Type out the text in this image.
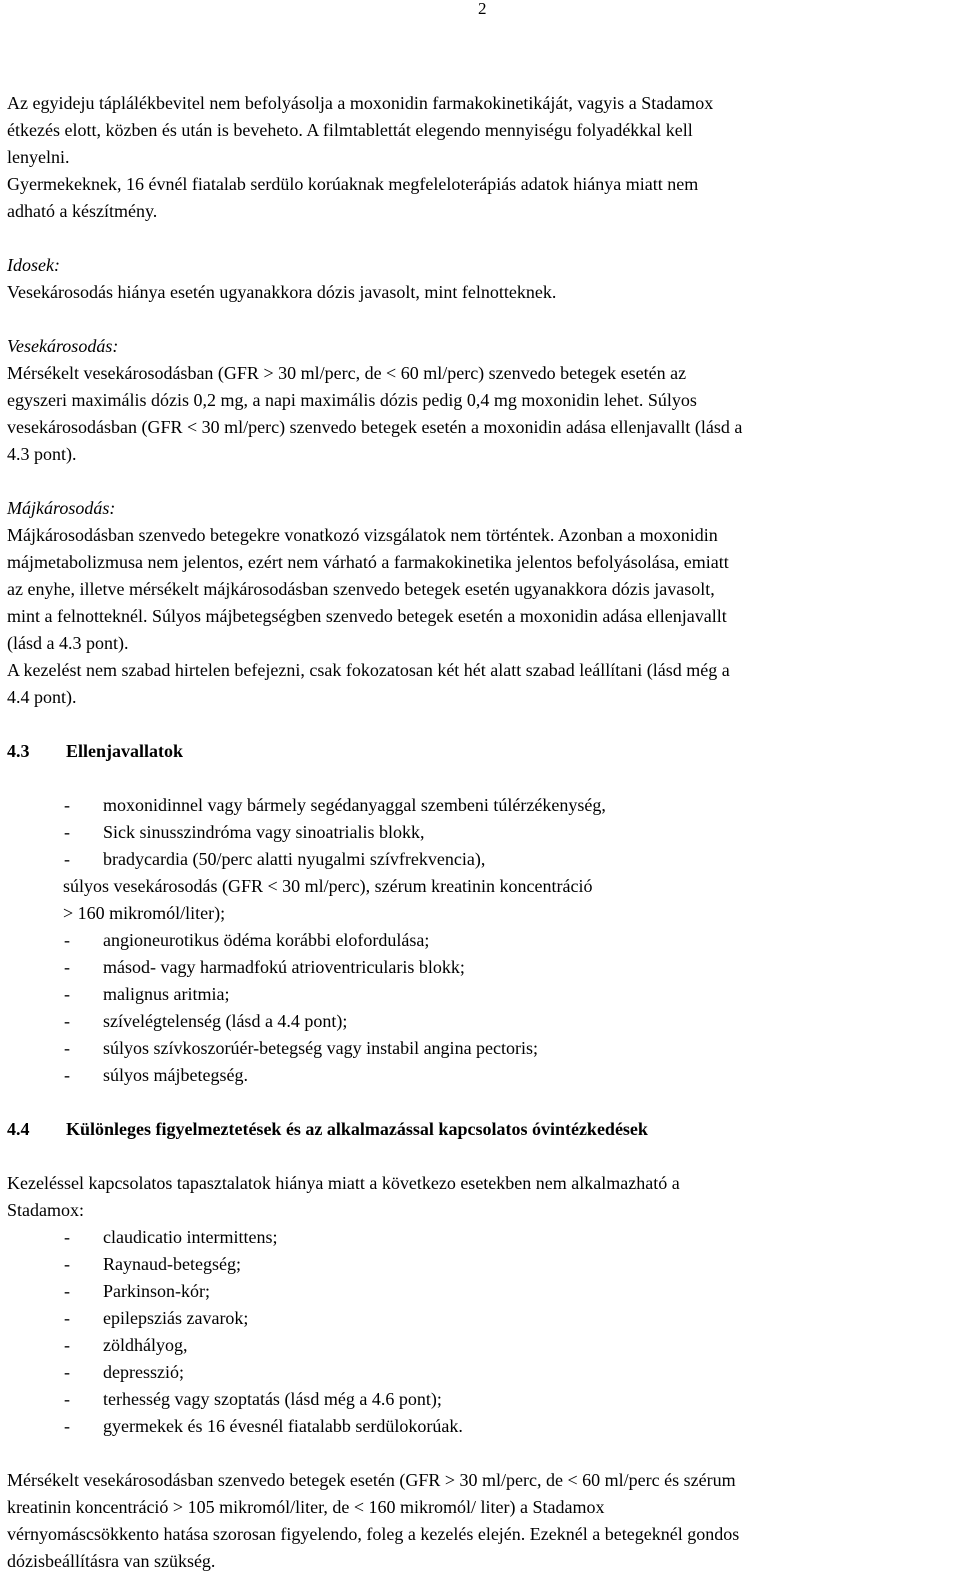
2
Az egyideju táplálékbevitel nem befolyásolja a moxonidin farmakokinetikáját, vagyis a Stadamox
étkezés elott, közben és után is beveheto. A filmtablettát elegendo mennyiségu folyadékkal kell
lenyelni.
Gyermekeknek, 16 évnél fiatalab serdülo korúaknak megfeleloterápiás adatok hiánya miatt nem
adható a készítmény.
Idosek:
Vesekárosodás hiánya esetén ugyanakkora dózis javasolt, mint felnotteknek.
Vesekárosodás:
Mérsékelt vesekárosodásban (GFR > 30 ml/perc, de < 60 ml/perc) szenvedo betegek esetén az
egyszeri maximális dózis 0,2 mg, a napi maximális dózis pedig 0,4 mg moxonidin lehet. Súlyos
vesekárosodásban (GFR < 30 ml/perc) szenvedo betegek esetén a moxonidin adása ellenjavallt (lásd a
4.3 pont).
Májkárosodás:
Májkárosodásban szenvedo betegekre vonatkozó vizsgálatok nem történtek. Azonban a moxonidin
májmetabolizmusa nem jelentos, ezért nem várható a farmakokinetika jelentos befolyásolása, emiatt
az enyhe, illetve mérsékelt májkárosodásban szenvedo betegek esetén ugyanakkora dózis javasolt,
mint a felnotteknél. Súlyos májbetegségben szenvedo betegek esetén a moxonidin adása ellenjavallt
(lásd a 4.3 pont).
A kezelést nem szabad hirtelen befejezni, csak fokozatosan két hét alatt szabad leállítani (lásd még a
4.4 pont).
4.3 Ellenjavallatok
- moxonidinnel vagy bármely segédanyaggal szembeni túlérzékenység,
- Sick sinusszindróma vagy sinoatrialis blokk,
- bradycardia (50/perc alatti nyugalmi szívfrekvencia),
súlyos vesekárosodás (GFR < 30 ml/perc), szérum kreatinin koncentráció
> 160 mikromól/liter);
- angioneurotikus ödéma korábbi elofordulása;
- másod- vagy harmadfokú atrioventricularis blokk;
- malignus aritmia;
- szívelégtelenség (lásd a 4.4 pont);
- súlyos szívkoszorúér-betegség vagy instabil angina pectoris;
- súlyos májbetegség.
4.4 Különleges figyelmeztetések és az alkalmazással kapcsolatos óvintézkedések
Kezeléssel kapcsolatos tapasztalatok hiánya miatt a következo esetekben nem alkalmazható a
Stadamox:
- claudicatio intermittens;
- Raynaud-betegség;
- Parkinson-kór;
- epilepsziás zavarok;
- zöldhályog,
- depresszió;
- terhesség vagy szoptatás (lásd még a 4.6 pont);
- gyermekek és 16 évesnél fiatalabb serdülokorúak.
Mérsékelt vesekárosodásban szenvedo betegek esetén (GFR > 30 ml/perc, de < 60 ml/perc és szérum
kreatinin koncentráció > 105 mikromól/liter, de < 160 mikromól/ liter) a Stadamox
vérnyomáscsökkento hatása szorosan figyelendo, foleg a kezelés elején. Ezeknél a betegeknél gondos
dózisbeállításra van szükség.
